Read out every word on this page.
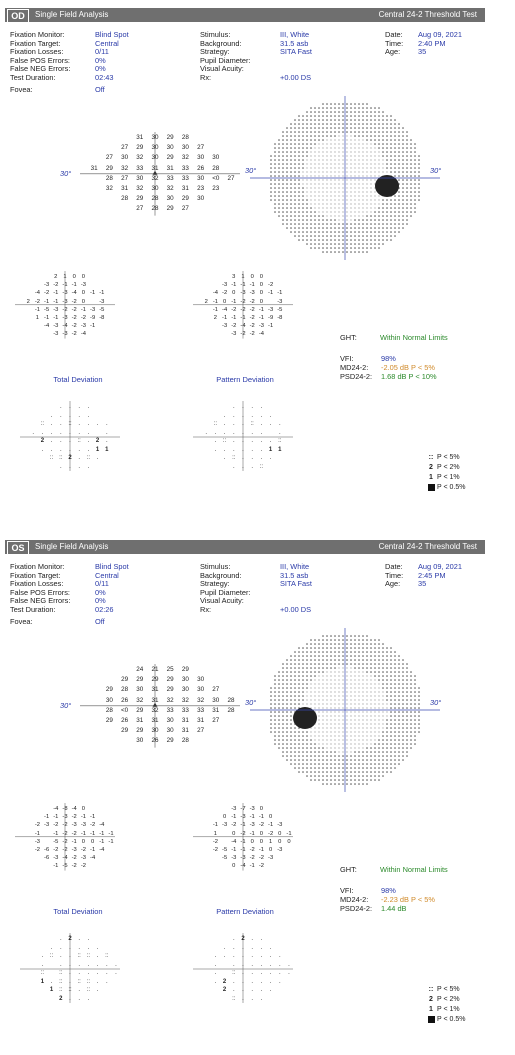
OD	Single Field Analysis	Central 24-2 Threshold Test
Fixation Monitor:	Blind Spot
Fixation Target:	Central
Fixation Losses:	0/11
False POS Errors:	0%
False NEG Errors:	0%
Test Duration:	02:43
Fovea:	Off
Stimulus:	III, White
Background:	31.5 asb
Strategy:	SITA Fast
Pupil Diameter:
Visual Acuity:
Rx:	+0.00 DS
Date: Aug 09, 2021
Time: 2:40 PM
Age: 35
31 30 29 28
27 29 30 30 30 27
27 30 32 30 29 32 30 30
31 29 32 33 31 31 33 26 28
28 27 30 32 33 33 30 <0 27
32 31 32 30 32 31 23 23
28 29 28 30 29 30
27 28 29 27
30°	30°	30°
2 1 0 0
-3 -2 -1 -1 -3
-4 -2 -1 -3 -4 0 -1 -1
2 -2 -1 -1 -3 -2 0 -3
-1 -5 -3 -2 -2 -1 -3 -5
1 -1 -1 -3 -2 -2 -9 -8
-4 -3 -4 -2 -3 -1
-3 -3 -2 -4
3 1 0 0
-3 -1 -1 -1 0 -2
-4 -2 0 -3 -3 0 -1 -1
2 -1 0 -1 -2 -2 0 -3
-1 -4 -2 -2 -2 -1 -3 -5
2 -1 -1 -1 -2 -1 -9 -8
-3 -2 -4 -2 -3 -1
-3 -2 -2 -4
Total Deviation	Pattern Deviation
. . . .
. . . . .
:: . . :: . . . .
. . . . . . .	.
2 . . . :: . 2 .
. . . . . . 1 1
:: :: 2 . :: .
. . . .
. . . .
. . . . . .
:: . . . :: . . .
. . . . . . .	.
. :: . . . . . ::
. . . . . . 1 1
. :: . . . .
. . . ::
GHT:	Within Normal Limits
VFI:	98%
MD24-2: -2.05 dB P < 5%
PSD24-2: 1.68 dB P < 10%
:: P < 5%
2 P < 2%
1 P < 1%
P < 0.5%
OS	Single Field Analysis	Central 24-2 Threshold Test
Fixation Monitor:	Blind Spot
Fixation Target:	Central
Fixation Losses:	0/11
False POS Errors:	0%
False NEG Errors:	0%
Test Duration:	02:26
Fovea:	Off
Stimulus:	III, White
Background:	31.5 asb
Strategy:	SITA Fast
Pupil Diameter:
Visual Acuity:
Rx:	+0.00 DS
Date: Aug 09, 2021
Time: 2:45 PM
Age: 35
24 21 25 29
29 29 29 29 30 30
29 28 30 31 29 30 30 27
30 26 32 31 32 32 32 30 28
28 <0 29 32 33 33 33 31 28
29 26 31 31 30 31 31 27
29 29 30 30 31 27
30 26 29 28
30°	30°	30°
-4 -8 -4 0
-1 -1 -3 -2 -1 -1
-2 -3 -2 -2 -3 -3 -2 -4
-1 -1 -2 -2 -1 -1 -1 -1
-3 -5 -2 -1 0 0 -1 -1
-2 -6 -2 -2 -3 -2 -1 -4
-6 -3 -4 -2 -3 -4
-1 -5 -2 -2
-3 -7 -3 0
0 -1 -3 -1 -1 0
-1 -3 -2 -1 -3 -2 -1 -3
1	0 -2 -1 0 -2 0 -1
-2 -4 -1 0 0 1 0 0
-2 -5 -1 -1 -2 -1 0 -3
-5 -3 -3 -2 -2 -3
0 -4 -1 -2
Total Deviation	Pattern Deviation
. 2 . .
. . . . . .
. :: . . :: :: . ::
.	. . . . . . .
::	:: . . . . . .
1 . :: . :: :: . .
1 :: :: . :: .
2 . . .
. 2 . .
. . . . . .
. . . . . . . .
.	. . . . . . .
.	:: . . . . . .
. 2 . . . . . .
2 . . . . .
:: . . .
GHT:	Within Normal Limits
VFI:	98%
MD24-2: -2.23 dB P < 5%
PSD24-2: 1.44 dB
:: P < 5%
2 P < 2%
1 P < 1%
P < 0.5%
